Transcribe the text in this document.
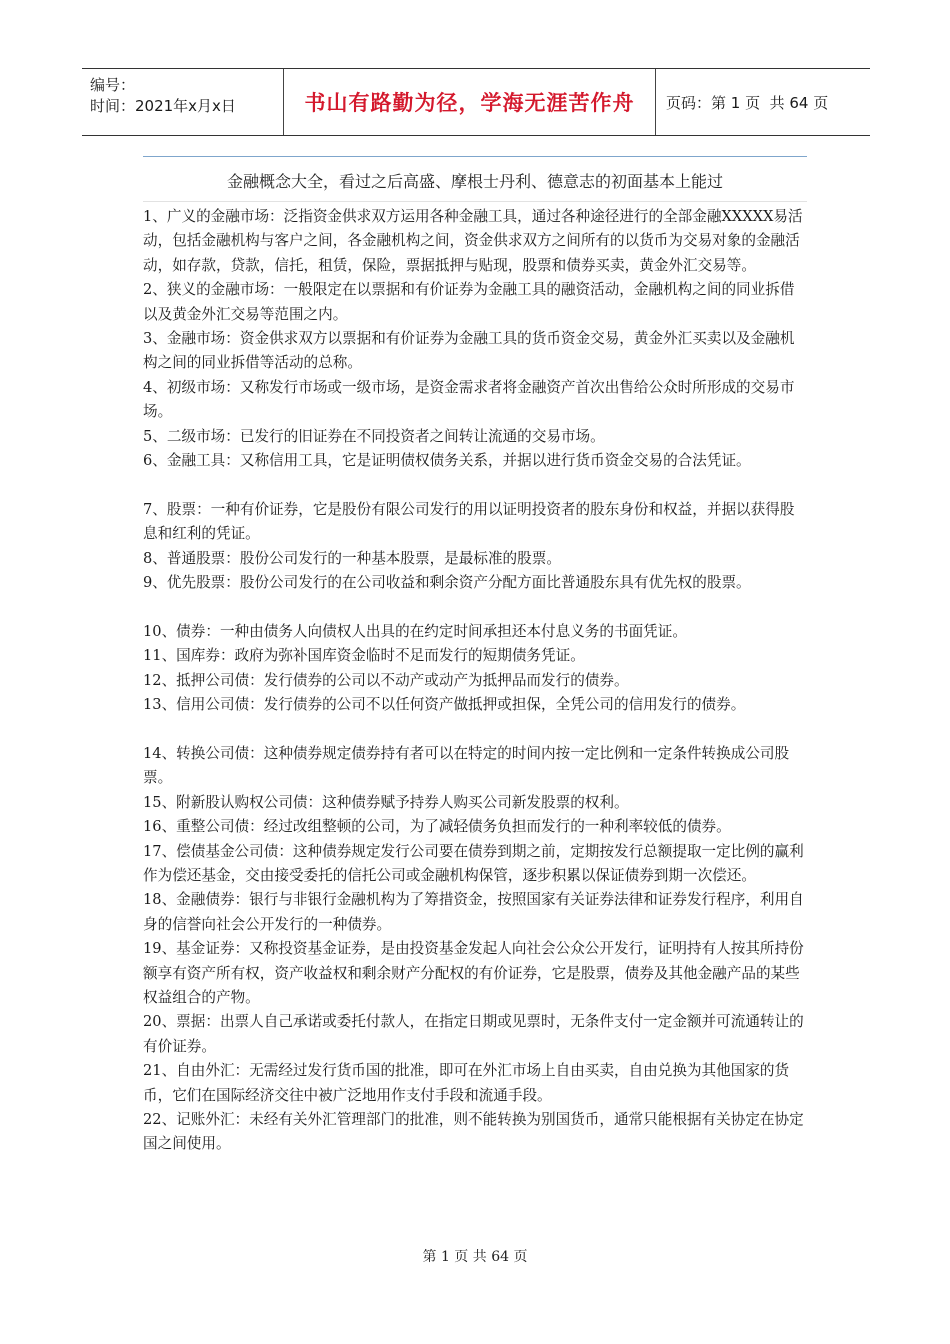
编号：
时间：2021年x月x日	书山有路勤为径，学海无涯苦作舟 页码：第 1 页  共 64 页
金融概念大全，看过之后高盛、摩根士丹利、德意志的初面基本上能过

1、广义的金融市场：泛指资金供求双方运用各种金融工具，通过各种途径进行的全部金融XXXXX易活动，包括金融机构与客户之间，各金融机构之间，资金供求双方之间所有的以货币为交易对象的金融活动，如存款，贷款，信托，租赁，保险，票据抵押与贴现，股票和债券买卖，黄金外汇交易等。

2、狭义的金融市场：一般限定在以票据和有价证券为金融工具的融资活动，金融机构之间的同业拆借以及黄金外汇交易等范围之内。

3、金融市场：资金供求双方以票据和有价证券为金融工具的货币资金交易，黄金外汇买卖以及金融机构之间的同业拆借等活动的总称。

4、初级市场：又称发行市场或一级市场，是资金需求者将金融资产首次出售给公众时所形成的交易市场。

5、二级市场：已发行的旧证券在不同投资者之间转让流通的交易市场。

6、金融工具：又称信用工具，它是证明债权债务关系，并据以进行货币资金交易的合法凭证。

7、股票：一种有价证券，它是股份有限公司发行的用以证明投资者的股东身份和权益，并据以获得股息和红利的凭证。

8、普通股票：股份公司发行的一种基本股票，是最标准的股票。

9、优先股票：股份公司发行的在公司收益和剩余资产分配方面比普通股东具有优先权的股票。

10、债券：一种由债务人向债权人出具的在约定时间承担还本付息义务的书面凭证。

11、国库券：政府为弥补国库资金临时不足而发行的短期债务凭证。

12、抵押公司债：发行债券的公司以不动产或动产为抵押品而发行的债券。

13、信用公司债：发行债券的公司不以任何资产做抵押或担保，全凭公司的信用发行的债券。

14、转换公司债：这种债券规定债券持有者可以在特定的时间内按一定比例和一定条件转换成公司股票。

15、附新股认购权公司债：这种债券赋予持券人购买公司新发股票的权利。

16、重整公司债：经过改组整顿的公司，为了减轻债务负担而发行的一种利率较低的债券。

17、偿债基金公司债：这种债券规定发行公司要在债券到期之前，定期按发行总额提取一定比例的赢利作为偿还基金，交由接受委托的信托公司或金融机构保管，逐步积累以保证债券到期一次偿还。

18、金融债券：银行与非银行金融机构为了筹措资金，按照国家有关证券法律和证券发行程序，利用自身的信誉向社会公开发行的一种债券。

19、基金证券：又称投资基金证券，是由投资基金发起人向社会公众公开发行，证明持有人按其所持份额享有资产所有权，资产收益权和剩余财产分配权的有价证券，它是股票，债券及其他金融产品的某些权益组合的产物。

20、票据：出票人自己承诺或委托付款人，在指定日期或见票时，无条件支付一定金额并可流通转让的有价证券。

21、自由外汇：无需经过发行货币国的批准，即可在外汇市场上自由买卖，自由兑换为其他国家的货币，它们在国际经济交往中被广泛地用作支付手段和流通手段。

22、记账外汇：未经有关外汇管理部门的批准，则不能转换为别国货币，通常只能根据有关协定在协定国之间使用。

第 1 页 共 64 页
